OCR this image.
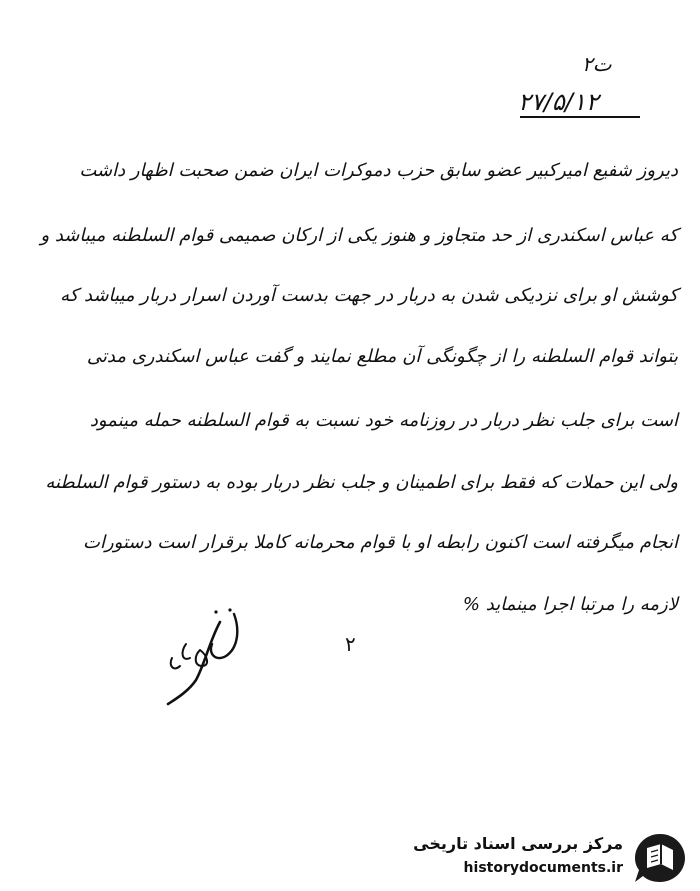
ت۲
۲۷/۵/۱۲
دیروز شفیع امیرکبیر عضو سابق حزب دموکرات ایران ضمن صحبت اظهار داشت
که عباس اسکندری از حد متجاوز و هنوز یکی از ارکان صمیمی قوام السلطنه میباشد و
کوشش او برای نزدیکی شدن به دربار در جهت بدست آوردن اسرار دربار میباشد که
بتواند قوام السلطنه را از چگونگی آن مطلع نمایند و گفت عباس اسکندری مدتی
است برای جلب نظر دربار در روزنامه خود نسبت به قوام السلطنه حمله مینمود
ولی این حملات که فقط برای اطمینان و جلب نظر دربار بوده به دستور قوام السلطنه
انجام میگرفته است اکنون رابطه او با قوام محرمانه کاملا برقرار است دستورات
لازمه را مرتبا اجرا مینماید %
۲
مرکز بررسی اسناد تاریخی
historydocuments.ir
